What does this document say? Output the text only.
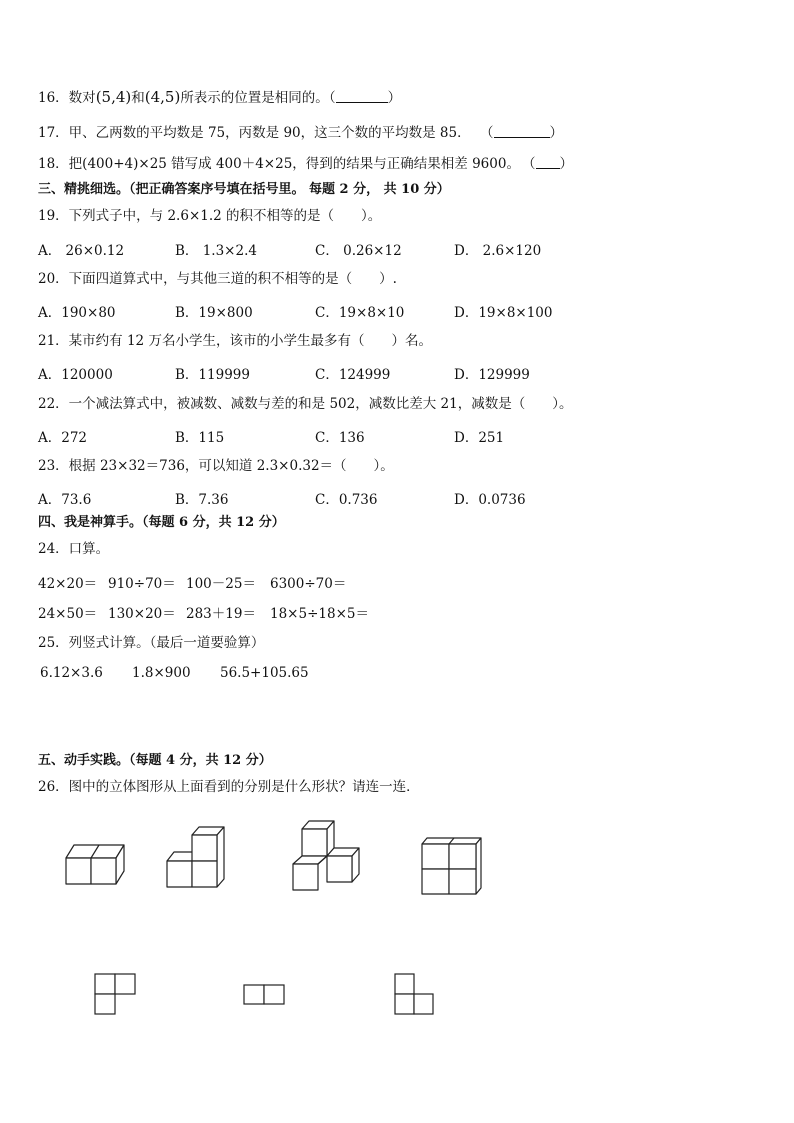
16．数对(5,4)和(4,5)所表示的位置是相同的。（	）
17．甲、乙两数的平均数是 75，丙数是 90，这三个数的平均数是 85． （	）
18．把(400+4)×25 错写成 400＋4×25，得到的结果与正确结果相差 9600。 （ ）
三、精挑细选。（把正确答案序号填在括号里。 每题 2 分， 共 10 分）
19．下列式子中，与 2.6×1.2 的积不相等的是（　　）。
A． 26×0.12	B． 1.3×2.4	C． 0.26×12	D． 2.6×120
20．下面四道算式中，与其他三道的积不相等的是（　　）.
A．190×80	B．19×800	C．19×8×10	D．19×8×100
21．某市约有 12 万名小学生，该市的小学生最多有（　　）名。
A．120000	B．119999	C．124999	D．129999
22．一个减法算式中，被减数、减数与差的和是 502，减数比差大 21，减数是（　　）。
A．272	B．115	C．136	D．251
23．根据 23×32＝736，可以知道 2.3×0.32＝（　　）。
A．73.6	B．7.36	C．0.736	D．0.0736
四、我是神算手。（每题 6 分，共 12 分）
24．口算。
42×20＝ 910÷70＝ 100－25＝ 6300÷70＝
24×50＝ 130×20＝ 283＋19＝ 18×5÷18×5＝
25．列竖式计算。（最后一道要验算）
6.12×3.6 1.8×900 56.5+105.65
五、动手实践。（每题 4 分，共 12 分）
26．图中的立体图形从上面看到的分别是什么形状？请连一连．
